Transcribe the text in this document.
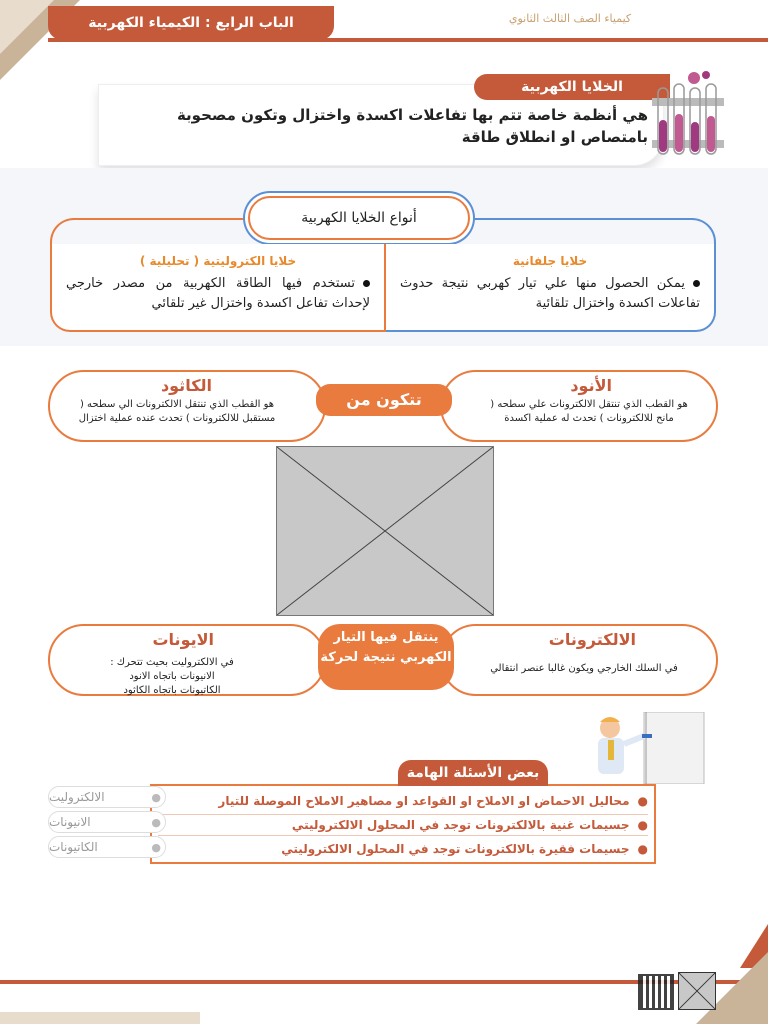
الباب الرابع : الكيمياء الكهربية	كيمياء الصف الثالث الثانوي
الخلايا الكهربية
هي أنظمة خاصة تتم بها تفاعلات اكسدة واختزال وتكون مصحوبة بامتصاص او انطلاق طاقة
أنواع الخلايا الكهربية
خلايا جلفانية
يمكن الحصول منها علي تيار كهربي نتيجة حدوث تفاعلات اكسدة واختزال تلقائية
خلايا الكتروليتية ( تحليلية )
تستخدم فيها الطاقة الكهربية من مصدر خارجي لإحداث تفاعل اكسدة واختزال غير تلقائي
الأنود
هو القطب الذي تنتقل الالكترونات علي سطحه ( مانح للالكترونات ) تحدث له عملية اكسدة
الكاثود
هو القطب الذي تنتقل الالكترونات الي سطحه ( مستقبل للالكترونات ) تحدث عنده عملية اختزال
تتكون من
الالكترونات
في السلك الخارجي ويكون غالبا عنصر انتقالي
الايونات
في الالكتروليت بحيث تتحرك :
الانيونات باتجاه الانود
الكاتيونات باتجاه الكاثود
ينتقل فيها التيار الكهربي نتيجة لحركة
●
محاليل الاحماض او الاملاح او القواعد او مصاهير الاملاح الموصلة للتيار
●
جسيمات غنية بالالكترونات توجد في المحلول الالكتروليتي
●
جسيمات فقيرة بالالكترونات توجد في المحلول الالكتروليتي
بعض الأسئلة الهامة
●
الالكتروليت
●
الانيونات
●
الكاتيونات
